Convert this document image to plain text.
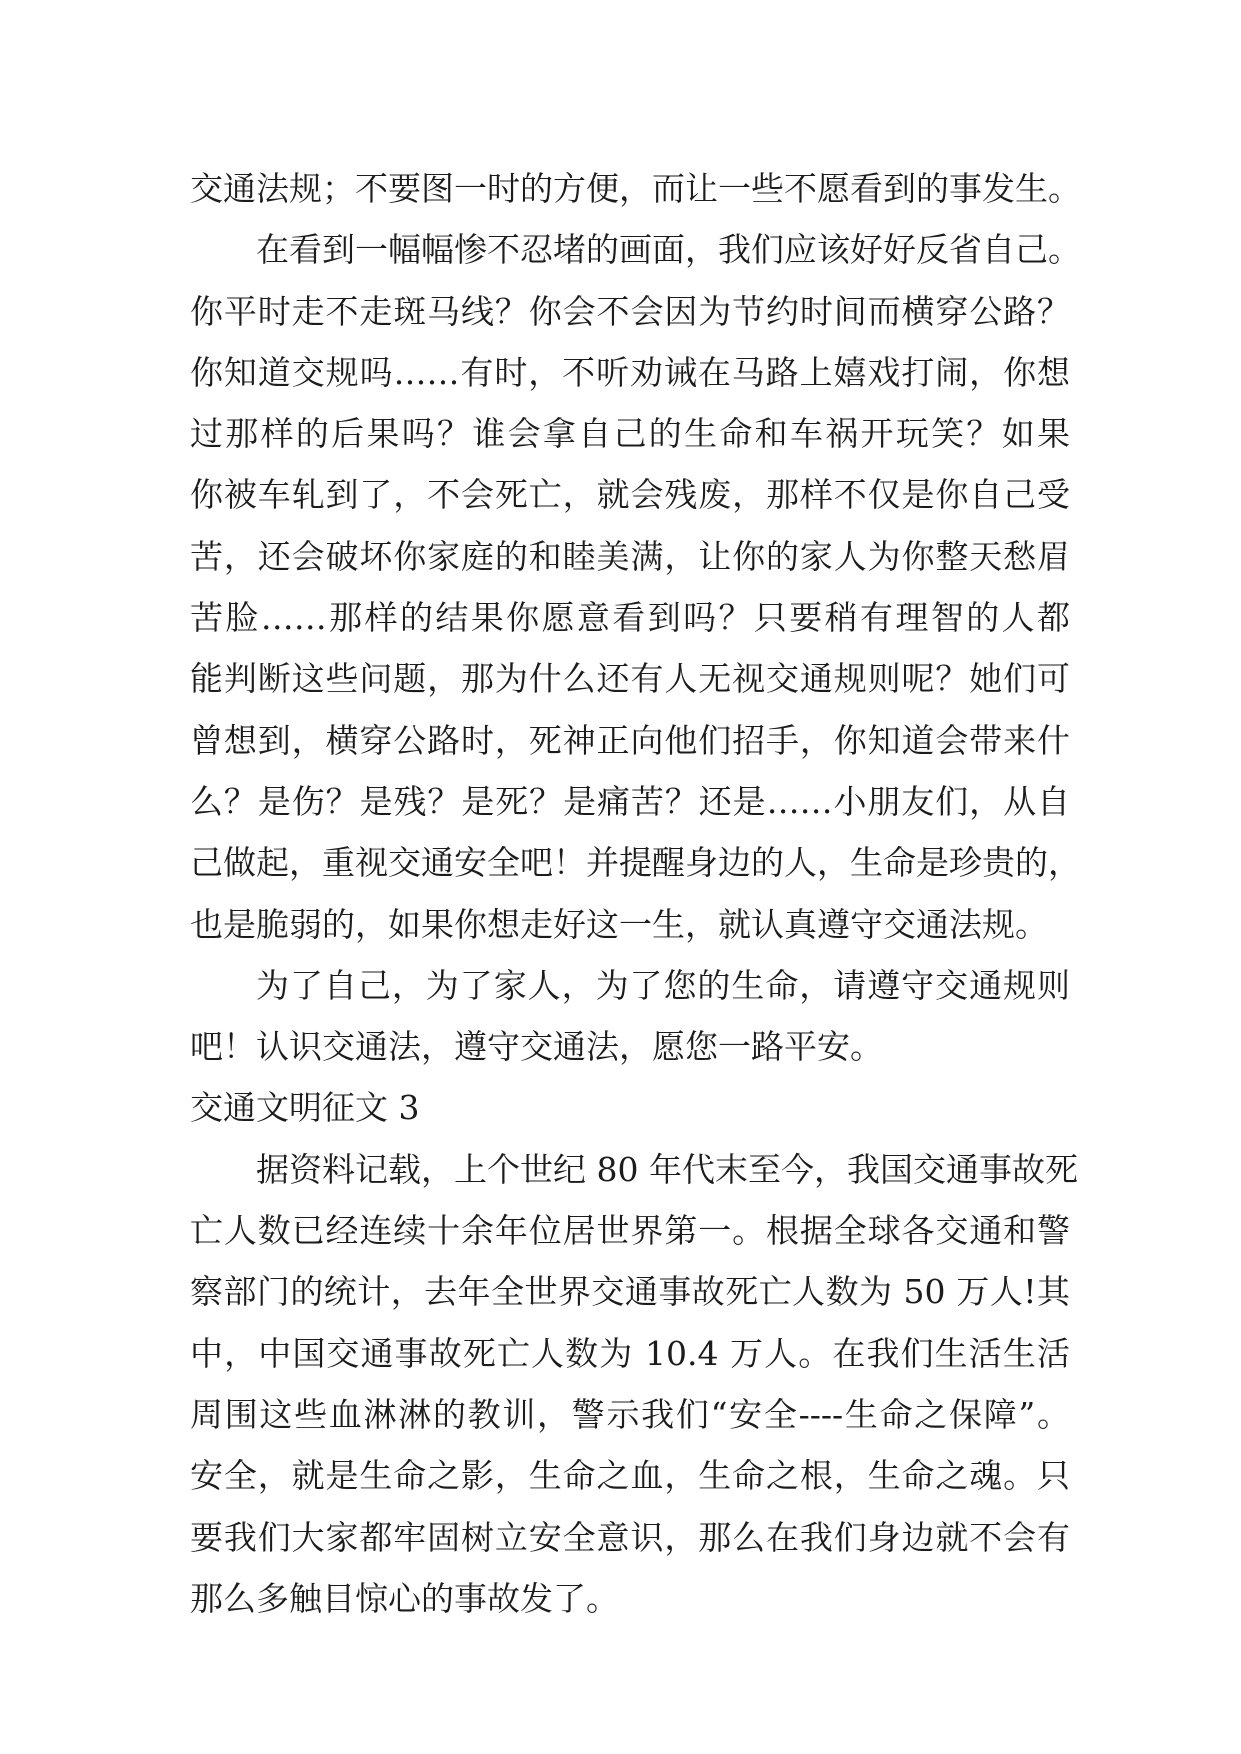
交通法规；不要图一时的方便，而让一些不愿看到的事发生。
在看到一幅幅惨不忍堵的画面，我们应该好好反省自己。
你平时走不走斑马线？你会不会因为节约时间而横穿公路？
你知道交规吗……有时，不听劝诫在马路上嬉戏打闹，你想
过那样的后果吗？谁会拿自己的生命和车祸开玩笑？如果
你被车轧到了，不会死亡，就会残废，那样不仅是你自己受
苦，还会破坏你家庭的和睦美满，让你的家人为你整天愁眉
苦脸……那样的结果你愿意看到吗？只要稍有理智的人都
能判断这些问题，那为什么还有人无视交通规则呢？她们可
曾想到，横穿公路时，死神正向他们招手，你知道会带来什
么？是伤？是残？是死？是痛苦？还是……小朋友们，从自
己做起，重视交通安全吧！并提醒身边的人，生命是珍贵的，
也是脆弱的，如果你想走好这一生，就认真遵守交通法规。
为了自己，为了家人，为了您的生命，请遵守交通规则
吧！认识交通法，遵守交通法，愿您一路平安。
交通文明征文 3
据资料记载，上个世纪 80 年代末至今，我国交通事故死
亡人数已经连续十余年位居世界第一。根据全球各交通和警
察部门的统计，去年全世界交通事故死亡人数为 50 万人!其
中，中国交通事故死亡人数为 10.4 万人。在我们生活生活
周围这些血淋淋的教训，警示我们“安全----生命之保障”。
安全，就是生命之影，生命之血，生命之根，生命之魂。只
要我们大家都牢固树立安全意识，那么在我们身边就不会有
那么多触目惊心的事故发了。
